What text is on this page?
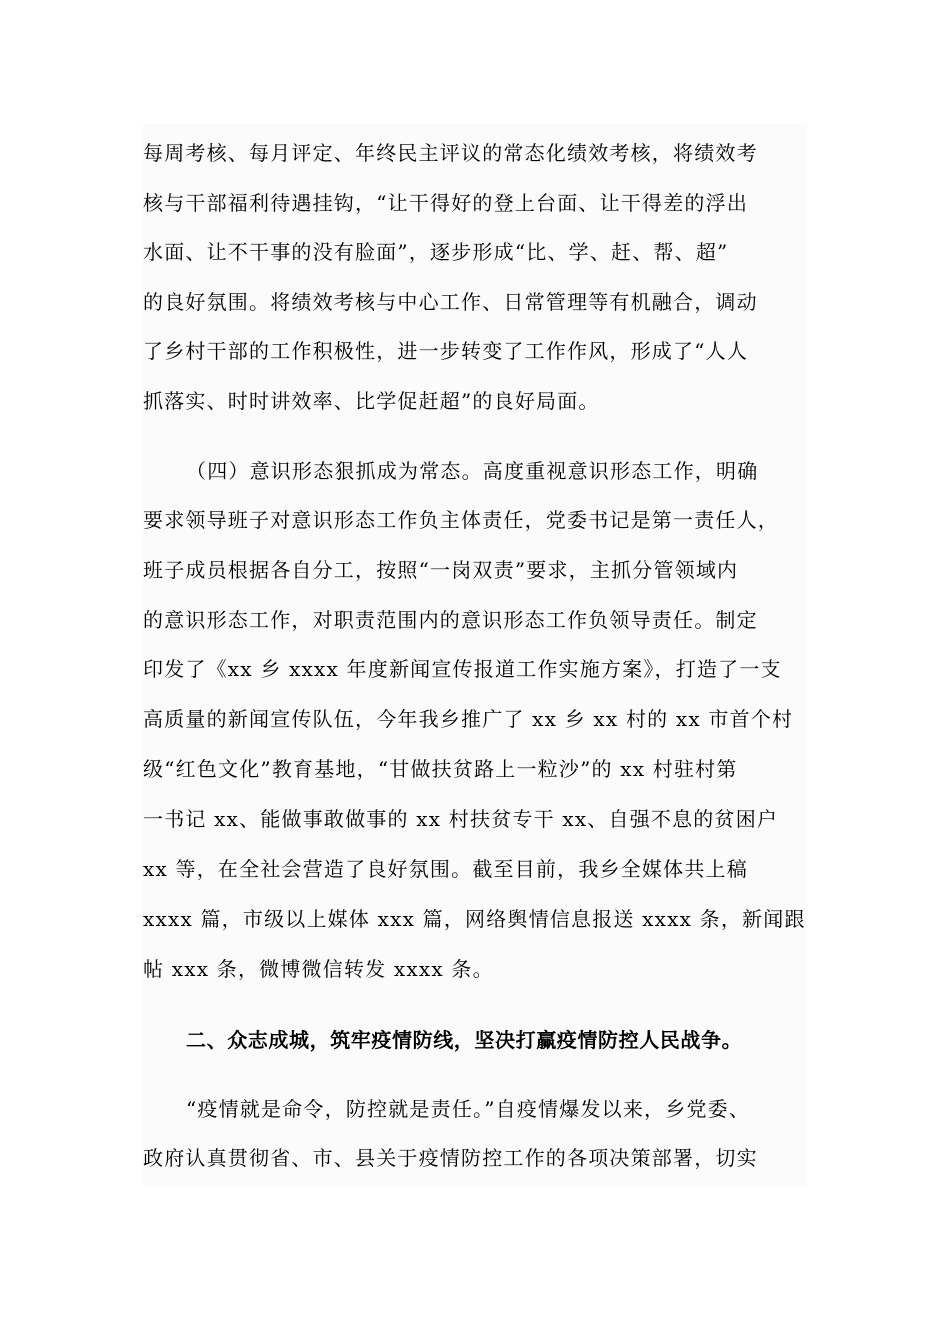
每周考核、每月评定、年终民主评议的常态化绩效考核，将绩效考
核与干部福利待遇挂钩，“让干得好的登上台面、让干得差的浮出
水面、让不干事的没有脸面”，逐步形成“比、学、赶、帮、超”
的良好氛围。将绩效考核与中心工作、日常管理等有机融合，调动
了乡村干部的工作积极性，进一步转变了工作作风，形成了“人人
抓落实、时时讲效率、比学促赶超”的良好局面。
（四）意识形态狠抓成为常态。高度重视意识形态工作，明确
要求领导班子对意识形态工作负主体责任，党委书记是第一责任人，
班子成员根据各自分工，按照“一岗双责”要求，主抓分管领域内
的意识形态工作，对职责范围内的意识形态工作负领导责任。制定
印发了《xx 乡 xxxx 年度新闻宣传报道工作实施方案》，打造了一支
高质量的新闻宣传队伍，今年我乡推广了 xx 乡 xx 村的 xx 市首个村
级“红色文化”教育基地，“甘做扶贫路上一粒沙”的 xx 村驻村第
一书记 xx、能做事敢做事的 xx 村扶贫专干 xx、自强不息的贫困户
xx 等，在全社会营造了良好氛围。截至目前，我乡全媒体共上稿
xxxx 篇，市级以上媒体 xxx 篇，网络舆情信息报送 xxxx 条，新闻跟
帖 xxx 条，微博微信转发 xxxx 条。
二、众志成城，筑牢疫情防线，坚决打赢疫情防控人民战争。
“疫情就是命令，防控就是责任。”自疫情爆发以来，乡党委、
政府认真贯彻省、市、县关于疫情防控工作的各项决策部署，切实
